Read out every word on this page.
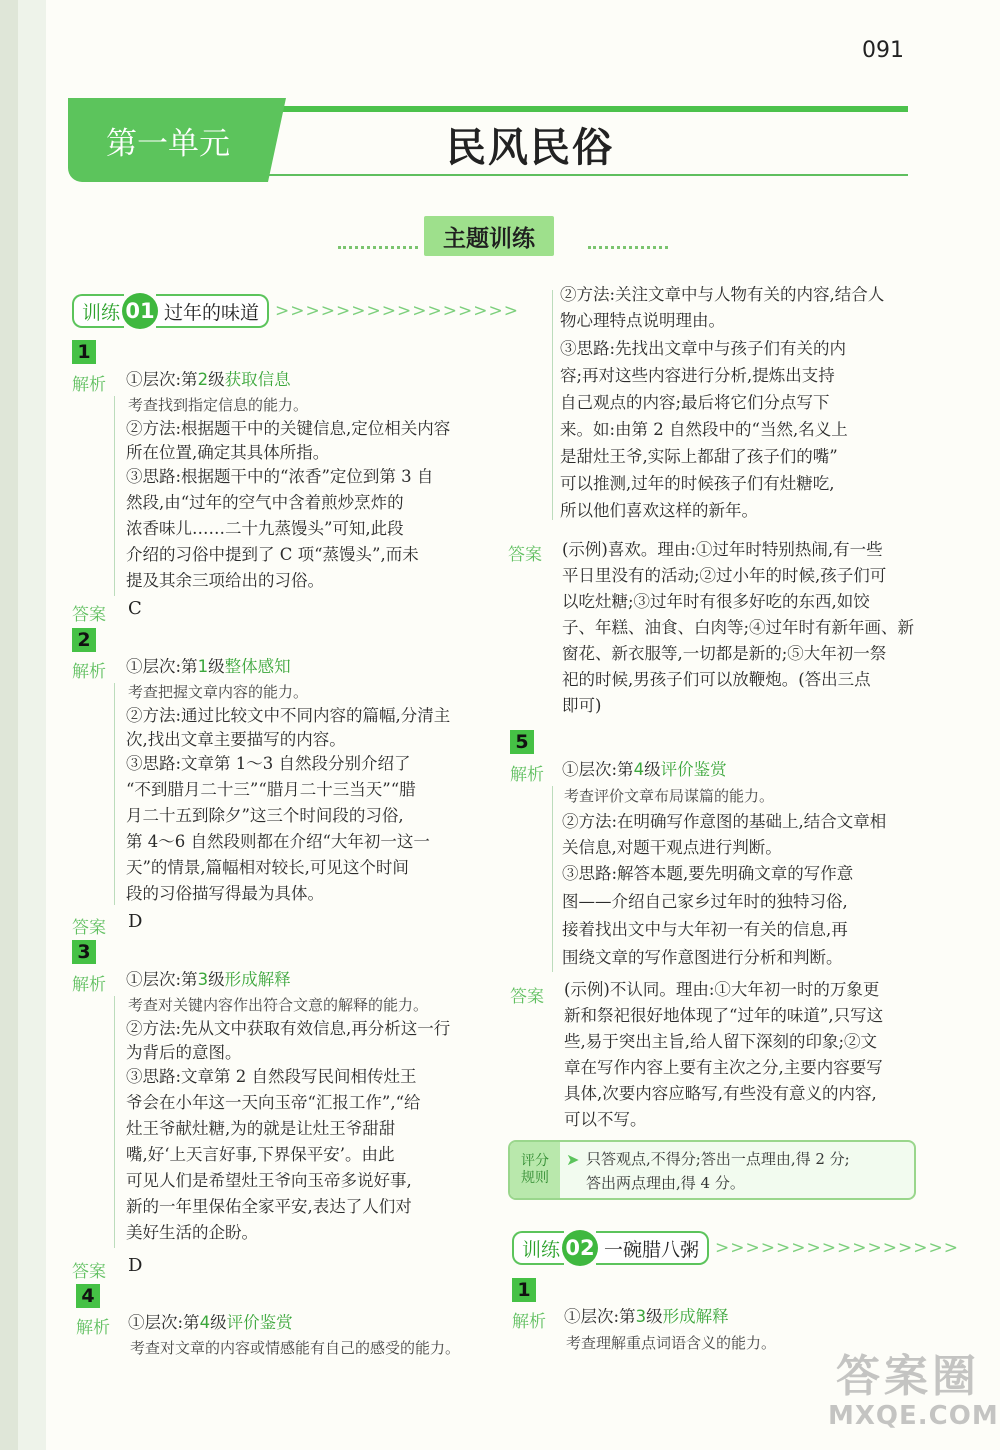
091
第一单元	民风民俗
主题训练
训练 01 过年的味道 >>>>>>>>>>>>>>>>
1
解析 ①层次:第2级获取信息
考查找到指定信息的能力。
②方法:根据题干中的关键信息,定位相关内容
所在位置,确定其具体所指。
③思路:根据题干中的“浓香”定位到第 3 自
然段,由“过年的空气中含着煎炒烹炸的
浓香味儿……二十九蒸馒头”可知,此段
介绍的习俗中提到了 C 项“蒸馒头”,而未
提及其余三项给出的习俗。
答案 C
2
解析 ①层次:第1级整体感知
考查把握文章内容的能力。
②方法:通过比较文中不同内容的篇幅,分清主
次,找出文章主要描写的内容。
③思路:文章第 1～3 自然段分别介绍了
“不到腊月二十三”“腊月二十三当天”“腊
月二十五到除夕”这三个时间段的习俗,
第 4～6 自然段则都在介绍“大年初一这一
天”的情景,篇幅相对较长,可见这个时间
段的习俗描写得最为具体。
答案 D
3
解析 ①层次:第3级形成解释
考查对关键内容作出符合文意的解释的能力。
②方法:先从文中获取有效信息,再分析这一行
为背后的意图。
③思路:文章第 2 自然段写民间相传灶王
爷会在小年这一天向玉帝“汇报工作”,“给
灶王爷献灶糖,为的就是让灶王爷甜甜
嘴,好‘上天言好事,下界保平安’。由此
可见人们是希望灶王爷向玉帝多说好事,
新的一年里保佑全家平安,表达了人们对
美好生活的企盼。
答案 D
4
解析 ①层次:第4级评价鉴赏
考查对文章的内容或情感能有自己的感受的能力。
②方法:关注文章中与人物有关的内容,结合人
物心理特点说明理由。
③思路:先找出文章中与孩子们有关的内
容;再对这些内容进行分析,提炼出支持
自己观点的内容;最后将它们分点写下
来。如:由第 2 自然段中的“当然,名义上
是甜灶王爷,实际上都甜了孩子们的嘴”
可以推测,过年的时候孩子们有灶糖吃,
所以他们喜欢这样的新年。
答案 (示例)喜欢。理由:①过年时特别热闹,有一些
平日里没有的活动;②过小年的时候,孩子们可
以吃灶糖;③过年时有很多好吃的东西,如饺
子、年糕、油食、白肉等;④过年时有新年画、新
窗花、新衣服等,一切都是新的;⑤大年初一祭
祀的时候,男孩子们可以放鞭炮。(答出三点
即可)
5
解析 ①层次:第4级评价鉴赏
考查评价文章布局谋篇的能力。
②方法:在明确写作意图的基础上,结合文章相
关信息,对题干观点进行判断。
③思路:解答本题,要先明确文章的写作意
图——介绍自己家乡过年时的独特习俗,
接着找出文中与大年初一有关的信息,再
围绕文章的写作意图进行分析和判断。
答案 (示例)不认同。理由:①大年初一时的万象更
新和祭祀很好地体现了“过年的味道”,只写这
些,易于突出主旨,给人留下深刻的印象;②文
章在写作内容上要有主次之分,主要内容要写
具体,次要内容应略写,有些没有意义的内容,
可以不写。
评分
规则
➤ 只答观点,不得分;答出一点理由,得 2 分;
答出两点理由,得 4 分。
训练 02 一碗腊八粥 >>>>>>>>>>>>>>>>
1
解析 ①层次:第3级形成解释
考查理解重点词语含义的能力。
答案圈
MXQE.COM
